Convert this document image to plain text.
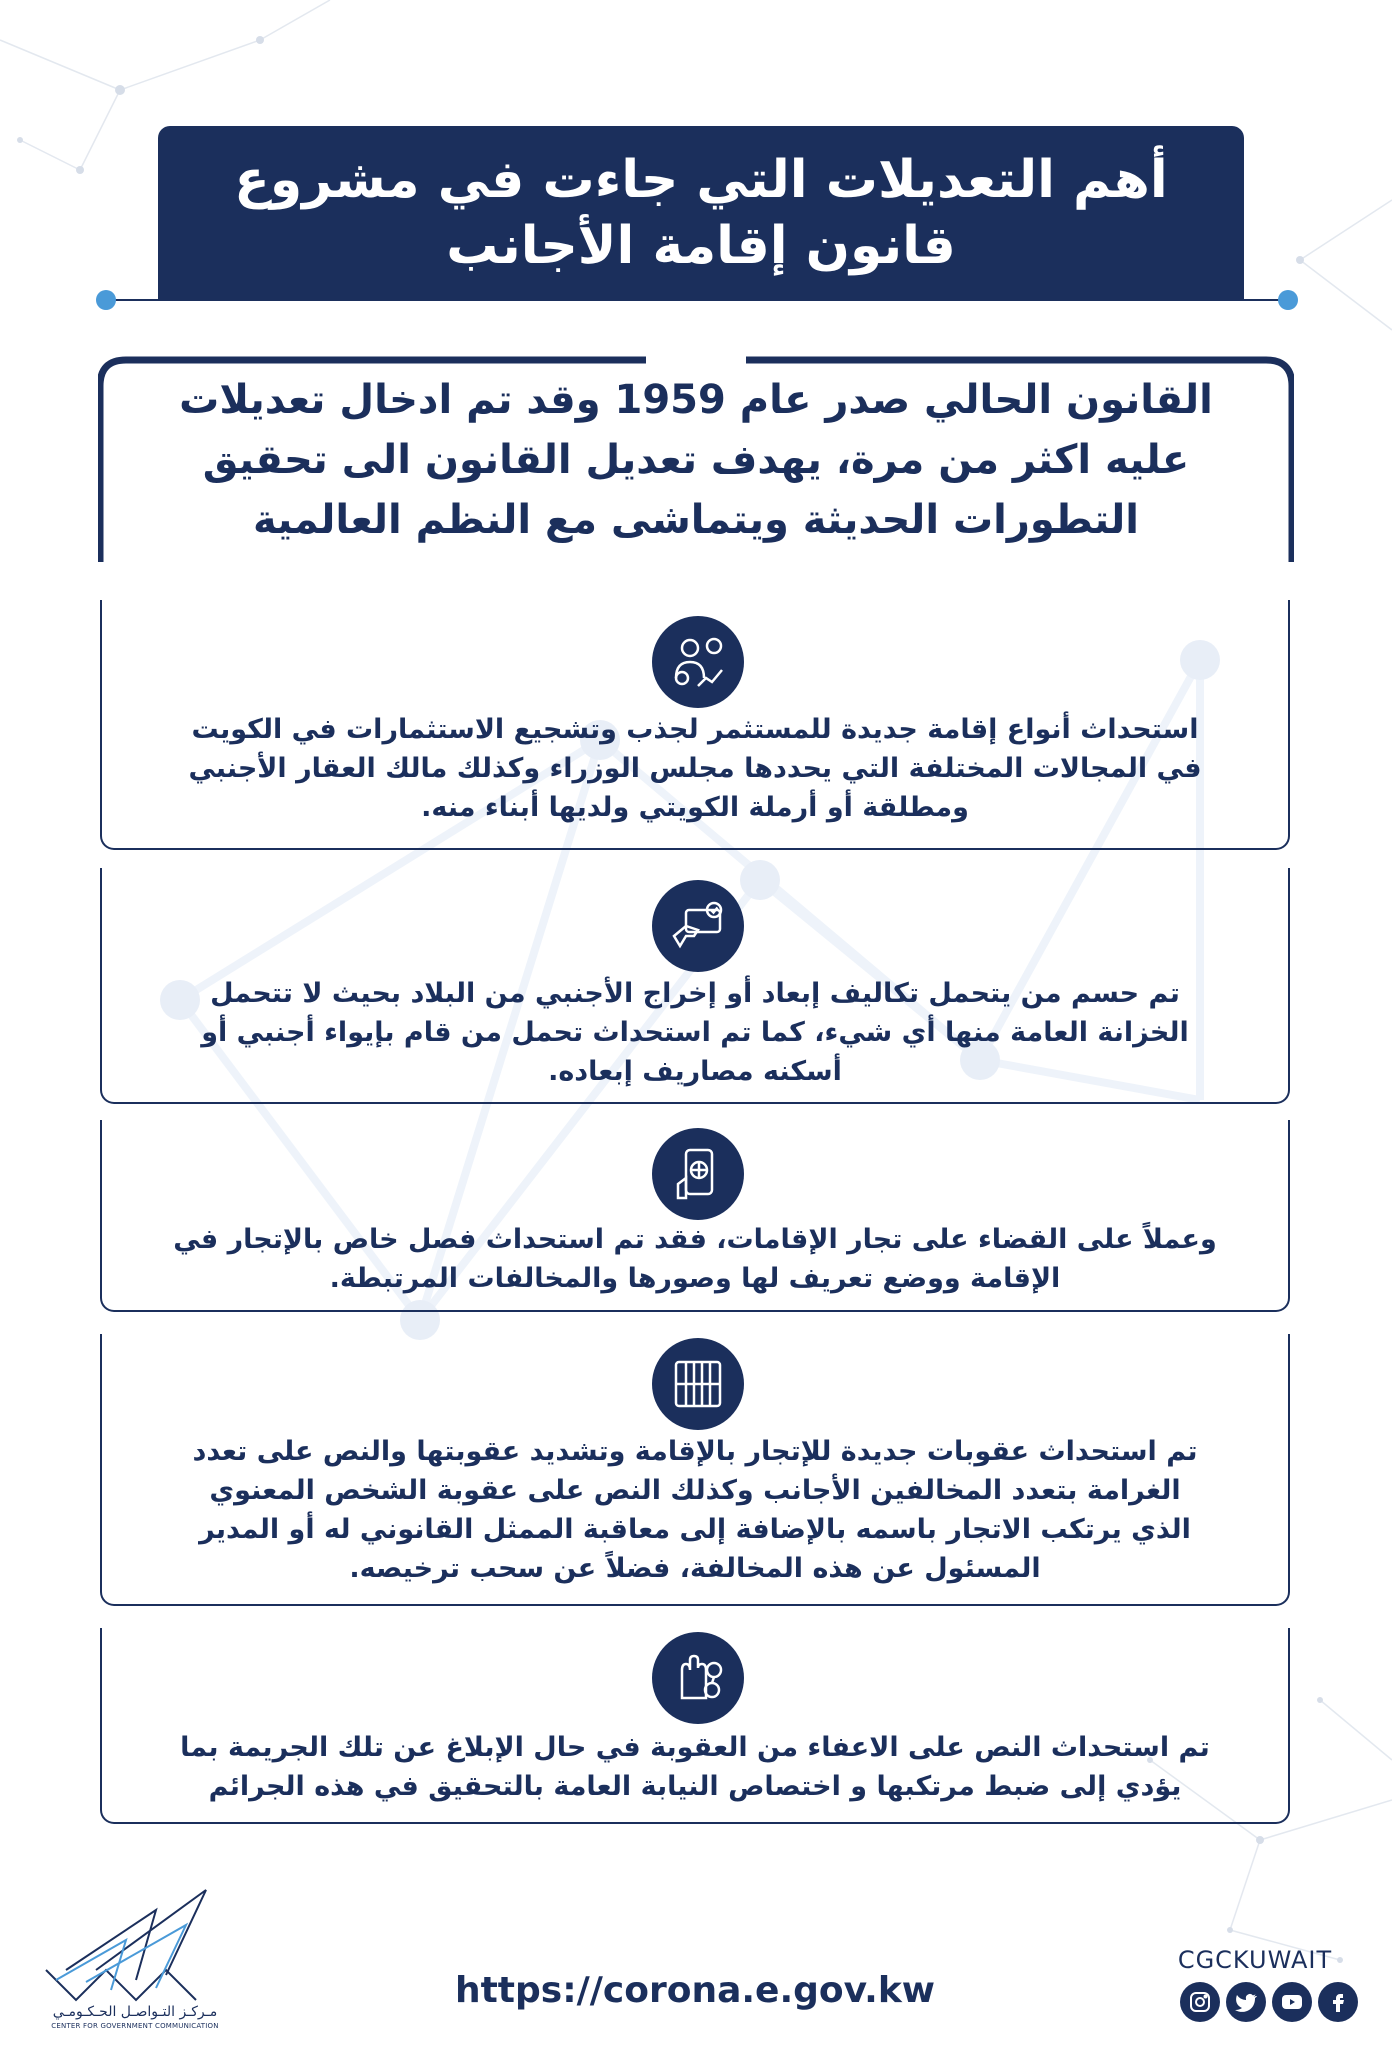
أهم التعديلات التي جاءت في مشروع
قانون إقامة الأجانب
القانون الحالي صدر عام 1959 وقد تم ادخال تعديلات
عليه اكثر من مرة، يهدف تعديل القانون الى تحقيق
التطورات الحديثة ويتماشى مع النظم العالمية
استحداث أنواع إقامة جديدة للمستثمر لجذب وتشجيع الاستثمارات في الكويت
في المجالات المختلفة التي يحددها مجلس الوزراء وكذلك مالك العقار الأجنبي
ومطلقة أو أرملة الكويتي ولديها أبناء منه.
تم حسم من يتحمل تكاليف إبعاد أو إخراج الأجنبي من البلاد بحيث لا تتحمل
الخزانة العامة منها أي شيء، كما تم استحداث تحمل من قام بإيواء أجنبي أو
أسكنه مصاريف إبعاده.
وعملاً على القضاء على تجار الإقامات، فقد تم استحداث فصل خاص بالإتجار في
الإقامة ووضع تعريف لها وصورها والمخالفات المرتبطة.
تم استحداث عقوبات جديدة للإتجار بالإقامة وتشديد عقوبتها والنص على تعدد
الغرامة بتعدد المخالفين الأجانب وكذلك النص على عقوبة الشخص المعنوي
الذي يرتكب الاتجار باسمه بالإضافة إلى معاقبة الممثل القانوني له أو المدير
المسئول عن هذه المخالفة، فضلاً عن سحب ترخيصه.
تم استحداث النص على الاعفاء من العقوبة في حال الإبلاغ عن تلك الجريمة بما
يؤدي إلى ضبط مرتكبها و اختصاص النيابة العامة بالتحقيق في هذه الجرائم
مـركـز التـواصـل الحـكـومـي
CENTER FOR GOVERNMENT COMMUNICATION
https://corona.e.gov.kw
CGCKUWAIT
